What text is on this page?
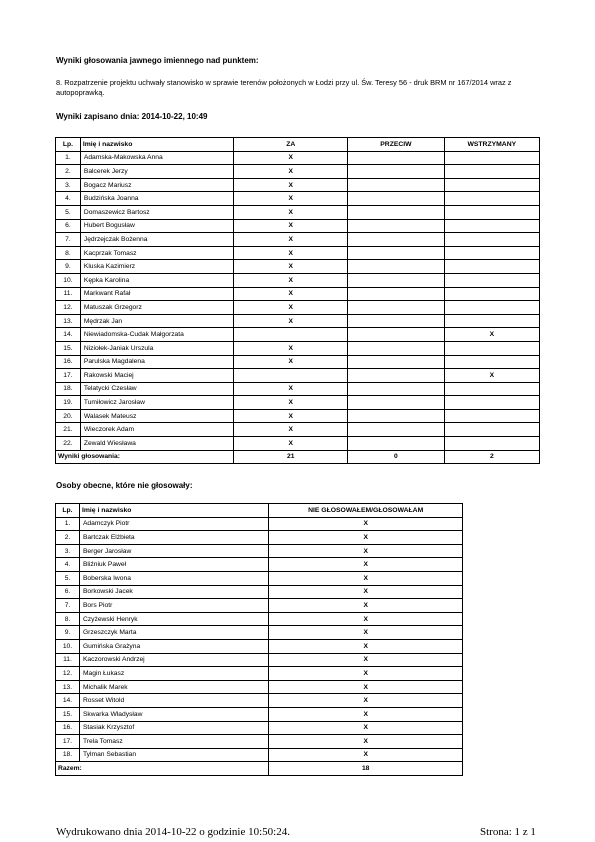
Wyniki głosowania jawnego imiennego nad punktem:
8. Rozpatrzenie projektu uchwały stanowisko w sprawie terenów położonych w Łodzi przy ul. Św. Teresy 56 - druk BRM nr 167/2014 wraz z autopoprawką.
Wyniki zapisano dnia: 2014-10-22, 10:49
Lp.	Imię i nazwisko	ZA	PRZECIW	WSTRZYMANY
1.	Adamska-Makowska Anna	X		
2.	Balcerek Jerzy	X		
3.	Bogacz Mariusz	X		
4.	Budzińska Joanna	X		
5.	Domaszewicz Bartosz	X		
6.	Hubert Bogusław	X		
7.	Jędrzejczak Bożenna	X		
8.	Kacprzak Tomasz	X		
9.	Kluska Kazimierz	X		
10.	Kępka Karolina	X		
11.	Markwant Rafał	X		
12.	Matuszak Grzegorz	X		
13.	Mędrzak Jan	X		
14.	Niewiadomska-Cudak Małgorzata			X
15.	Niziołek-Janiak Urszula	X		
16.	Parulska Magdalena	X		
17.	Rakowski Maciej			X
18.	Telatycki Czesław	X		
19.	Tumiłowicz Jarosław	X		
20.	Walasek Mateusz	X		
21.	Wieczorek Adam	X		
22.	Zewald Wiesława	X		
Wyniki głosowania:		21	0	2
Osoby obecne, które nie głosowały:
Lp.	Imię i nazwisko	NIE GŁOSOWAŁEM/GŁOSOWAŁAM
1.	Adamczyk Piotr	X
2.	Bartczak Elżbieta	X
3.	Berger Jarosław	X
4.	Bliźniuk Paweł	X
5.	Boberska Iwona	X
6.	Borkowski Jacek	X
7.	Bors Piotr	X
8.	Czyżewski Henryk	X
9.	Grzeszczyk Marta	X
10.	Gumińska Grażyna	X
11.	Kaczorowski Andrzej	X
12.	Magin Łukasz	X
13.	Michalik Marek	X
14.	Rosset Witold	X
15.	Skwarka Władysław	X
16.	Stasiak Krzysztof	X
17.	Trela Tomasz	X
18.	Tylman Sebastian	X
Razem:		18
Wydrukowano dnia 2014-10-22 o godzinie 10:50:24.	Strona: 1 z 1
